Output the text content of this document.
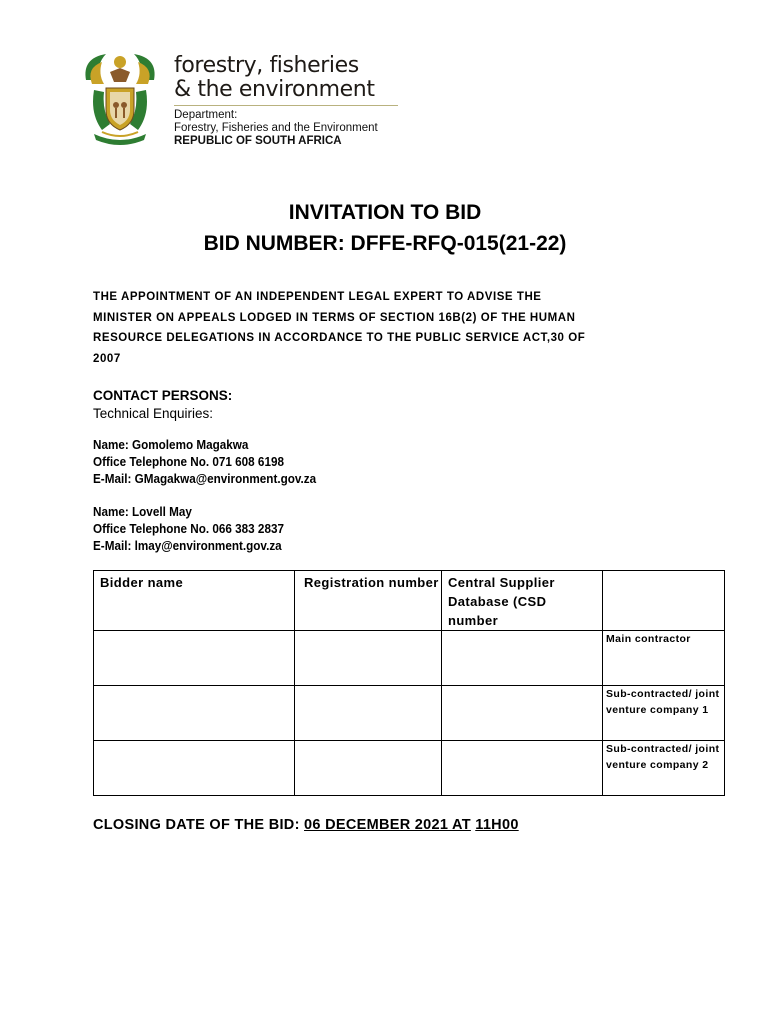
forestry, fisheries
& the environment
Department:
Forestry, Fisheries and the Environment
REPUBLIC OF SOUTH AFRICA
INVITATION TO BID
BID NUMBER: DFFE-RFQ-015(21-22)
THE APPOINTMENT OF AN INDEPENDENT LEGAL EXPERT TO ADVISE THE
MINISTER ON APPEALS LODGED IN TERMS OF SECTION 16B(2) OF THE HUMAN
RESOURCE DELEGATIONS IN ACCORDANCE TO THE PUBLIC SERVICE ACT,30 OF
2007
CONTACT PERSONS:
Technical Enquiries:
Name: Gomolemo Magakwa
Office Telephone No. 071 608 6198
E-Mail: GMagakwa@environment.gov.za
Name: Lovell May
Office Telephone No. 066 383 2837
E-Mail: lmay@environment.gov.za
Bidder name	Registration number	Central Supplier Database (CSD number	

			Main contractor

			Sub-contracted/ joint venture company 1

			Sub-contracted/ joint venture company 2
CLOSING DATE OF THE BID: 06 DECEMBER 2021 AT 11H00
